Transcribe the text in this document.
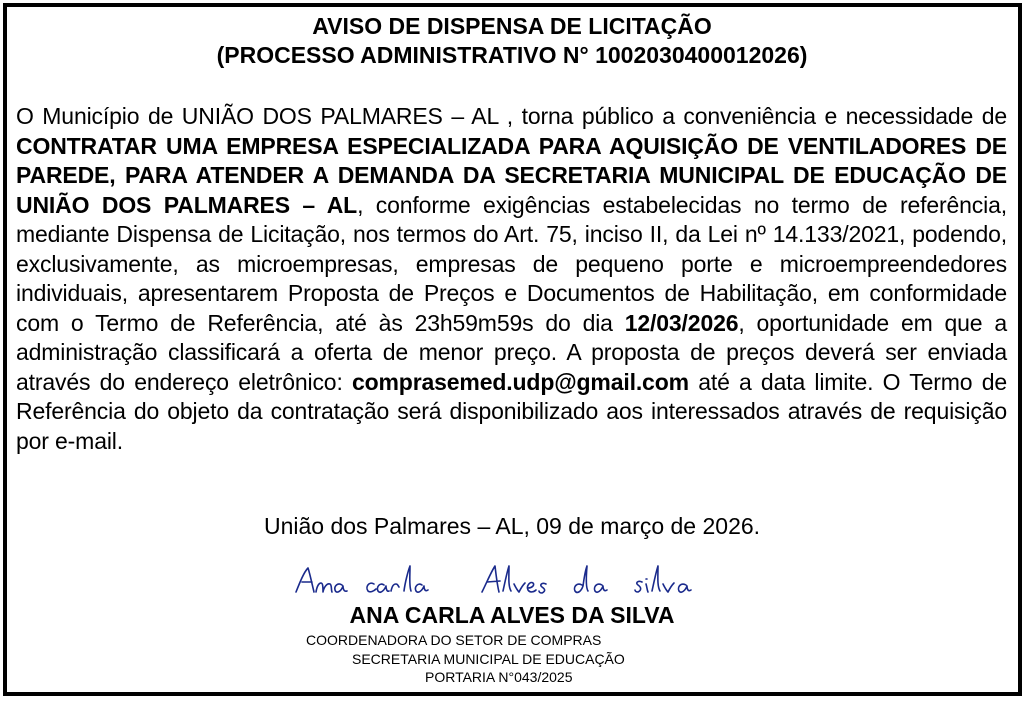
AVISO DE DISPENSA DE LICITAÇÃO
(PROCESSO ADMINISTRATIVO N° 1002030400012026)

O Município de UNIÃO DOS PALMARES – AL , torna público a conveniência e necessidade de CONTRATAR UMA EMPRESA ESPECIALIZADA PARA AQUISIÇÃO DE VENTILADORES DE PAREDE, PARA ATENDER A DEMANDA DA SECRETARIA MUNICIPAL DE EDUCAÇÃO DE UNIÃO DOS PALMARES – AL, conforme exigências estabelecidas no termo de referência, mediante Dispensa de Licitação, nos termos do Art. 75, inciso II, da Lei nº 14.133/2021, podendo, exclusivamente, as microempresas, empresas de pequeno porte e microempreendedores individuais, apresentarem Proposta de Preços e Documentos de Habilitação, em conformidade com o Termo de Referência, até às 23h59m59s do dia 12/03/2026, oportunidade em que a administração classificará a oferta de menor preço. A proposta de preços deverá ser enviada através do endereço eletrônico: comprasemed.udp@gmail.com até a data limite. O Termo de Referência do objeto da contratação será disponibilizado aos interessados através de requisição por e-mail.

União dos Palmares – AL, 09 de março de 2026.

ANA CARLA ALVES DA SILVA

COORDENADORA DO SETOR DE COMPRAS

SECRETARIA MUNICIPAL DE EDUCAÇÃO

PORTARIA N°043/2025
